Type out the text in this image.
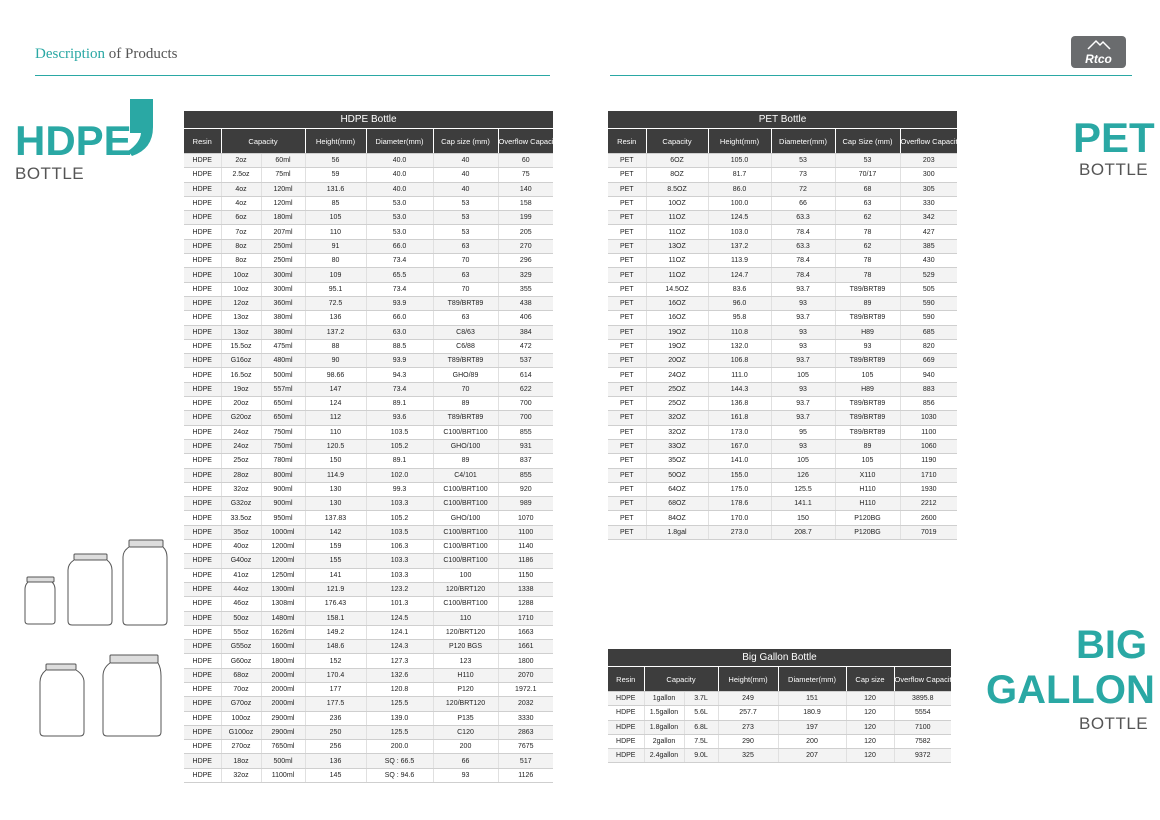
Description of Products	Rtco
HDPE
BOTTLE
PET
BOTTLE
BIG
GALLON
BOTTLE
HDPE Bottle						
Resin	Capacity		Height(mm)	Diameter(mm)	Cap size (mm)	Overflow Capacity(ml)
HDPE	2oz	60ml	56	40.0	40	60
HDPE	2.5oz	75ml	59	40.0	40	75
HDPE	4oz	120ml	131.6	40.0	40	140
HDPE	4oz	120ml	85	53.0	53	158
HDPE	6oz	180ml	105	53.0	53	199
HDPE	7oz	207ml	110	53.0	53	205
HDPE	8oz	250ml	91	66.0	63	270
HDPE	8oz	250ml	80	73.4	70	296
HDPE	10oz	300ml	109	65.5	63	329
HDPE	10oz	300ml	95.1	73.4	70	355
HDPE	12oz	360ml	72.5	93.9	T89/BRT89	438
HDPE	13oz	380ml	136	66.0	63	406
HDPE	13oz	380ml	137.2	63.0	C8/63	384
HDPE	15.5oz	475ml	88	88.5	C6/88	472
HDPE	G16oz	480ml	90	93.9	T89/BRT89	537
HDPE	16.5oz	500ml	98.66	94.3	GHO/89	614
HDPE	19oz	557ml	147	73.4	70	622
HDPE	20oz	650ml	124	89.1	89	700
HDPE	G20oz	650ml	112	93.6	T89/BRT89	700
HDPE	24oz	750ml	110	103.5	C100/BRT100	855
HDPE	24oz	750ml	120.5	105.2	GHO/100	931
HDPE	25oz	780ml	150	89.1	89	837
HDPE	28oz	800ml	114.9	102.0	C4/101	855
HDPE	32oz	900ml	130	99.3	C100/BRT100	920
HDPE	G32oz	900ml	130	103.3	C100/BRT100	989
HDPE	33.5oz	950ml	137.83	105.2	GHO/100	1070
HDPE	35oz	1000ml	142	103.5	C100/BRT100	1100
HDPE	40oz	1200ml	159	106.3	C100/BRT100	1140
HDPE	G40oz	1200ml	155	103.3	C100/BRT100	1186
HDPE	41oz	1250ml	141	103.3	100	1150
HDPE	44oz	1300ml	121.9	123.2	120/BRT120	1338
HDPE	46oz	1308ml	176.43	101.3	C100/BRT100	1288
HDPE	50oz	1480ml	158.1	124.5	110	1710
HDPE	55oz	1626ml	149.2	124.1	120/BRT120	1663
HDPE	G55oz	1600ml	148.6	124.3	P120 BGS	1661
HDPE	G60oz	1800ml	152	127.3	123	1800
HDPE	68oz	2000ml	170.4	132.6	H110	2070
HDPE	70oz	2000ml	177	120.8	P120	1972.1
HDPE	G70oz	2000ml	177.5	125.5	120/BRT120	2032
HDPE	100oz	2900ml	236	139.0	P135	3330
HDPE	G100oz	2900ml	250	125.5	C120	2863
HDPE	270oz	7650ml	256	200.0	200	7675
HDPE	18oz	500ml	136	SQ : 66.5	66	517
HDPE	32oz	1100ml	145	SQ : 94.6	93	1126
PET Bottle					
Resin	Capacity	Height(mm)	Diameter(mm)	Cap Size (mm)	Overflow Capacity(ml)
PET	6OZ	105.0	53	53	203
PET	8OZ	81.7	73	70/17	300
PET	8.5OZ	86.0	72	68	305
PET	10OZ	100.0	66	63	330
PET	11OZ	124.5	63.3	62	342
PET	11OZ	103.0	78.4	78	427
PET	13OZ	137.2	63.3	62	385
PET	11OZ	113.9	78.4	78	430
PET	11OZ	124.7	78.4	78	529
PET	14.5OZ	83.6	93.7	T89/BRT89	505
PET	16OZ	96.0	93	89	590
PET	16OZ	95.8	93.7	T89/BRT89	590
PET	19OZ	110.8	93	H89	685
PET	19OZ	132.0	93	93	820
PET	20OZ	106.8	93.7	T89/BRT89	669
PET	24OZ	111.0	105	105	940
PET	25OZ	144.3	93	H89	883
PET	25OZ	136.8	93.7	T89/BRT89	856
PET	32OZ	161.8	93.7	T89/BRT89	1030
PET	32OZ	173.0	95	T89/BRT89	1100
PET	33OZ	167.0	93	89	1060
PET	35OZ	141.0	105	105	1190
PET	50OZ	155.0	126	X110	1710
PET	64OZ	175.0	125.5	H110	1930
PET	68OZ	178.6	141.1	H110	2212
PET	84OZ	170.0	150	P120BG	2600
PET	1.8gal	273.0	208.7	P120BG	7019
Big Gallon Bottle						
Resin	Capacity		Height(mm)	Diameter(mm)	Cap size	Overflow Capacity(ml)
HDPE	1gallon	3.7L	249	151	120	3895.8
HDPE	1.5gallon	5.6L	257.7	180.9	120	5554
HDPE	1.8gallon	6.8L	273	197	120	7100
HDPE	2gallon	7.5L	290	200	120	7582
HDPE	2.4gallon	9.0L	325	207	120	9372
